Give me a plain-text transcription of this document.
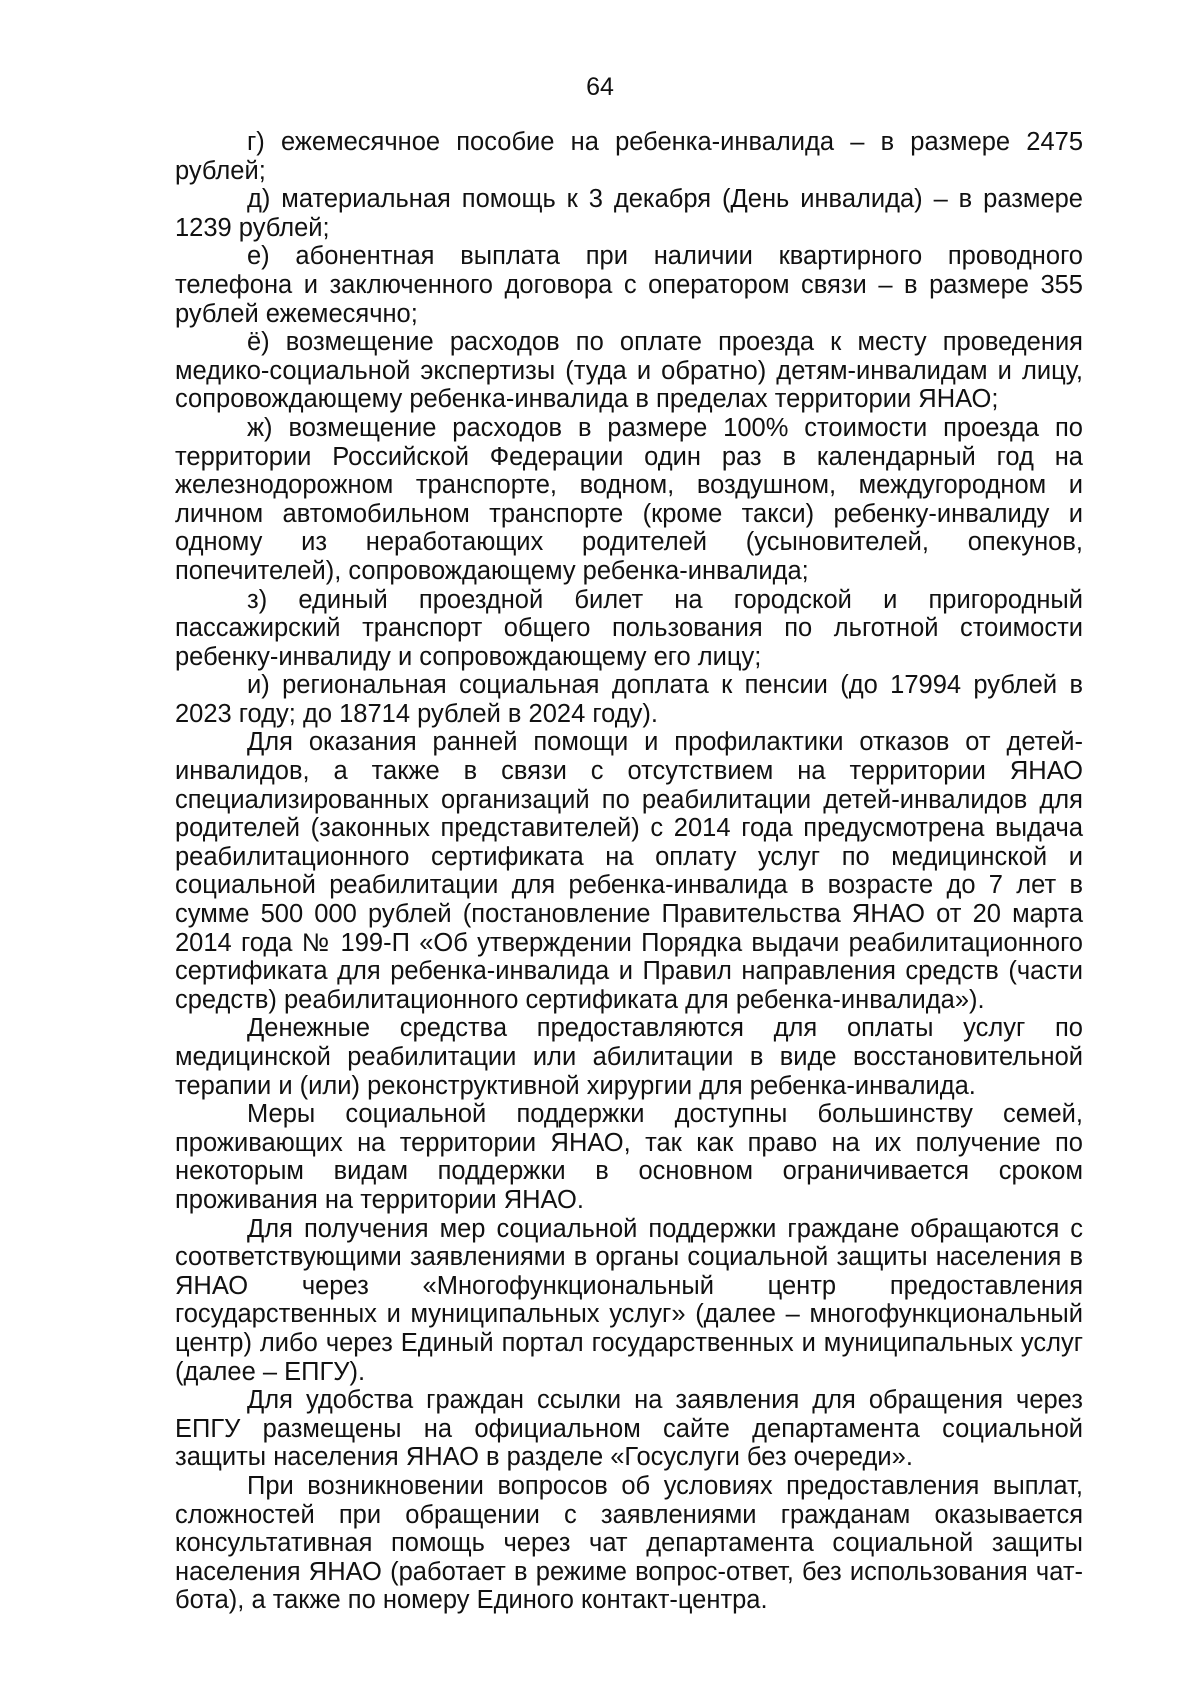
64

г) ежемесячное пособие на ребенка-инвалида – в размере 2475 рублей;

д) материальная помощь к 3 декабря (День инвалида) – в размере 1239 рублей;

е) абонентная выплата при наличии квартирного проводного телефона и заключенного договора с оператором связи – в размере 355 рублей ежемесячно;

ё) возмещение расходов по оплате проезда к месту проведения медико-социальной экспертизы (туда и обратно) детям-инвалидам и лицу, сопровождающему ребенка-инвалида в пределах территории ЯНАО;

ж) возмещение расходов в размере 100% стоимости проезда по территории Российской Федерации один раз в календарный год на железнодорожном транспорте, водном, воздушном, междугородном и личном автомобильном транспорте (кроме такси) ребенку-инвалиду и одному из неработающих родителей (усыновителей, опекунов, попечителей), сопровождающему ребенка-инвалида;

з) единый проездной билет на городской и пригородный пассажирский транспорт общего пользования по льготной стоимости ребенку-инвалиду и сопровождающему его лицу;

и) региональная социальная доплата к пенсии (до 17994 рублей в 2023 году; до 18714 рублей в 2024 году).

Для оказания ранней помощи и профилактики отказов от детей-инвалидов, а также в связи с отсутствием на территории ЯНАО специализированных организаций по реабилитации детей-инвалидов для родителей (законных представителей) с 2014 года предусмотрена выдача реабилитационного сертификата на оплату услуг по медицинской и социальной реабилитации для ребенка-инвалида в возрасте до 7 лет в сумме 500 000 рублей (постановление Правительства ЯНАО от 20 марта 2014 года № 199-П «Об утверждении Порядка выдачи реабилитационного сертификата для ребенка-инвалида и Правил направления средств (части средств) реабилитационного сертификата для ребенка-инвалида»).

Денежные средства предоставляются для оплаты услуг по медицинской реабилитации или абилитации в виде восстановительной терапии и (или) реконструктивной хирургии для ребенка-инвалида.

Меры социальной поддержки доступны большинству семей, проживающих на территории ЯНАО, так как право на их получение по некоторым видам поддержки в основном ограничивается сроком проживания на территории ЯНАО.

Для получения мер социальной поддержки граждане обращаются с соответствующими заявлениями в органы социальной защиты населения в ЯНАО через «Многофункциональный центр предоставления государственных и муниципальных услуг» (далее – многофункциональный центр) либо через Единый портал государственных и муниципальных услуг (далее – ЕПГУ).

Для удобства граждан ссылки на заявления для обращения через ЕПГУ размещены на официальном сайте департамента социальной защиты населения ЯНАО в разделе «Госуслуги без очереди».

При возникновении вопросов об условиях предоставления выплат, сложностей при обращении с заявлениями гражданам оказывается консультативная помощь через чат департамента социальной защиты населения ЯНАО (работает в режиме вопрос-ответ, без использования чат-бота), а также по номеру Единого контакт-центра.
